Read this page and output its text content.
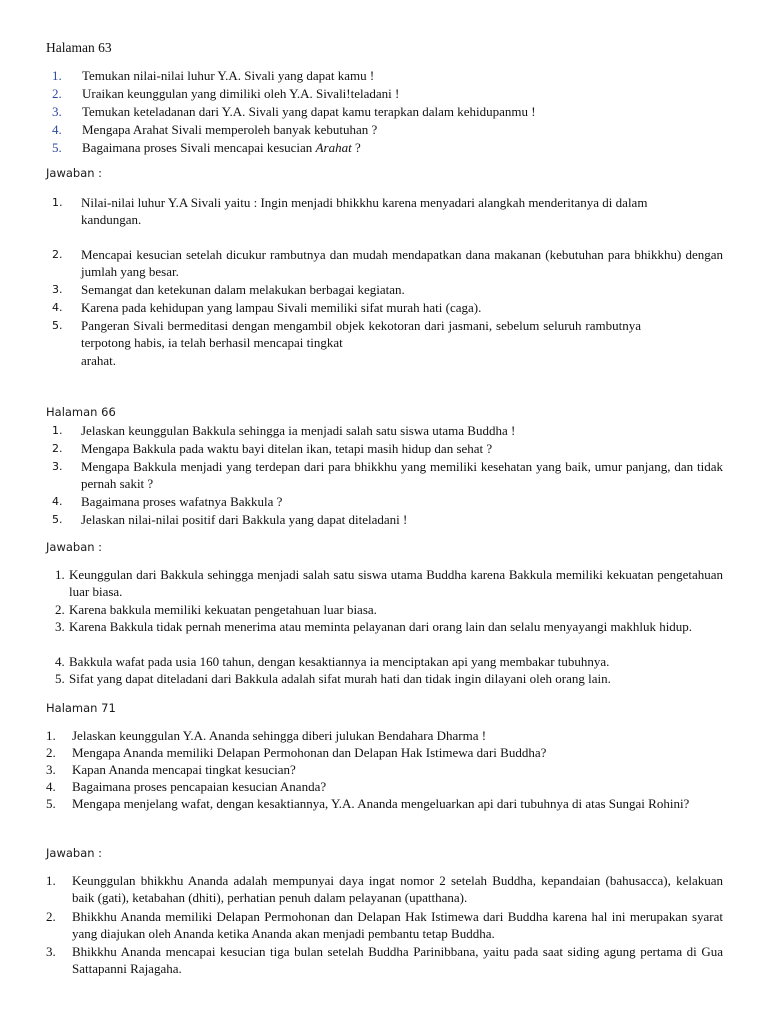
Halaman 63
1. Temukan nilai-nilai luhur Y.A. Sivali yang dapat kamu !
2. Uraikan keunggulan yang dimiliki oleh Y.A. Sivali!teladani !
3. Temukan keteladanan dari Y.A. Sivali yang dapat kamu terapkan dalam kehidupanmu !
4. Mengapa Arahat Sivali memperoleh banyak kebutuhan ?
5. Bagaimana proses Sivali mencapai kesucian Arahat ?
Jawaban :
1. Nilai-nilai luhur Y.A Sivali yaitu : Ingin menjadi bhikkhu karena menyadari alangkah menderitanya di dalam
kandungan.
2. Mencapai kesucian setelah dicukur rambutnya dan mudah mendapatkan dana makanan (kebutuhan para bhikkhu) dengan jumlah yang besar.
3. Semangat dan ketekunan dalam melakukan berbagai kegiatan.
4. Karena pada kehidupan yang lampau Sivali memiliki sifat murah hati (caga).
5. Pangeran Sivali bermeditasi dengan mengambil objek kekotoran dari jasmani, sebelum seluruh rambutnya terpotong habis, ia telah berhasil mencapai tingkat
arahat.
Halaman 66
1. Jelaskan keunggulan Bakkula sehingga ia menjadi salah satu siswa utama Buddha !
2. Mengapa Bakkula pada waktu bayi ditelan ikan, tetapi masih hidup dan sehat ?
3. Mengapa Bakkula menjadi yang terdepan dari para bhikkhu yang memiliki kesehatan yang baik, umur panjang, dan tidak pernah sakit ?
4. Bagaimana proses wafatnya Bakkula ?
5. Jelaskan nilai-nilai positif dari Bakkula yang dapat diteladani !
Jawaban :
1. Keunggulan dari Bakkula sehingga menjadi salah satu siswa utama Buddha karena Bakkula memiliki kekuatan pengetahuan luar biasa.
2. Karena bakkula memiliki kekuatan pengetahuan luar biasa.
3. Karena Bakkula tidak pernah menerima atau meminta pelayanan dari orang lain dan selalu menyayangi makhluk hidup.
4. Bakkula wafat pada usia 160 tahun, dengan kesaktiannya ia menciptakan api yang membakar tubuhnya.
5. Sifat yang dapat diteladani dari Bakkula adalah sifat murah hati dan tidak ingin dilayani oleh orang lain.
Halaman 71
1. Jelaskan keunggulan Y.A. Ananda sehingga diberi julukan Bendahara Dharma !
2. Mengapa Ananda memiliki Delapan Permohonan dan Delapan Hak Istimewa dari Buddha?
3. Kapan Ananda mencapai tingkat kesucian?
4. Bagaimana proses pencapaian kesucian Ananda?
5. Mengapa menjelang wafat, dengan kesaktiannya, Y.A. Ananda mengeluarkan api dari tubuhnya di atas Sungai Rohini?
Jawaban :
1. Keunggulan bhikkhu Ananda adalah mempunyai daya ingat nomor 2 setelah Buddha, kepandaian (bahusacca), kelakuan baik (gati), ketabahan (dhiti), perhatian penuh dalam pelayanan (upatthana).
2. Bhikkhu Ananda memiliki Delapan Permohonan dan Delapan Hak Istimewa dari Buddha karena hal ini merupakan syarat yang diajukan oleh Ananda ketika Ananda akan menjadi pembantu tetap Buddha.
3. Bhikkhu Ananda mencapai kesucian tiga bulan setelah Buddha Parinibbana, yaitu pada saat siding agung pertama di Gua Sattapanni Rajagaha.
